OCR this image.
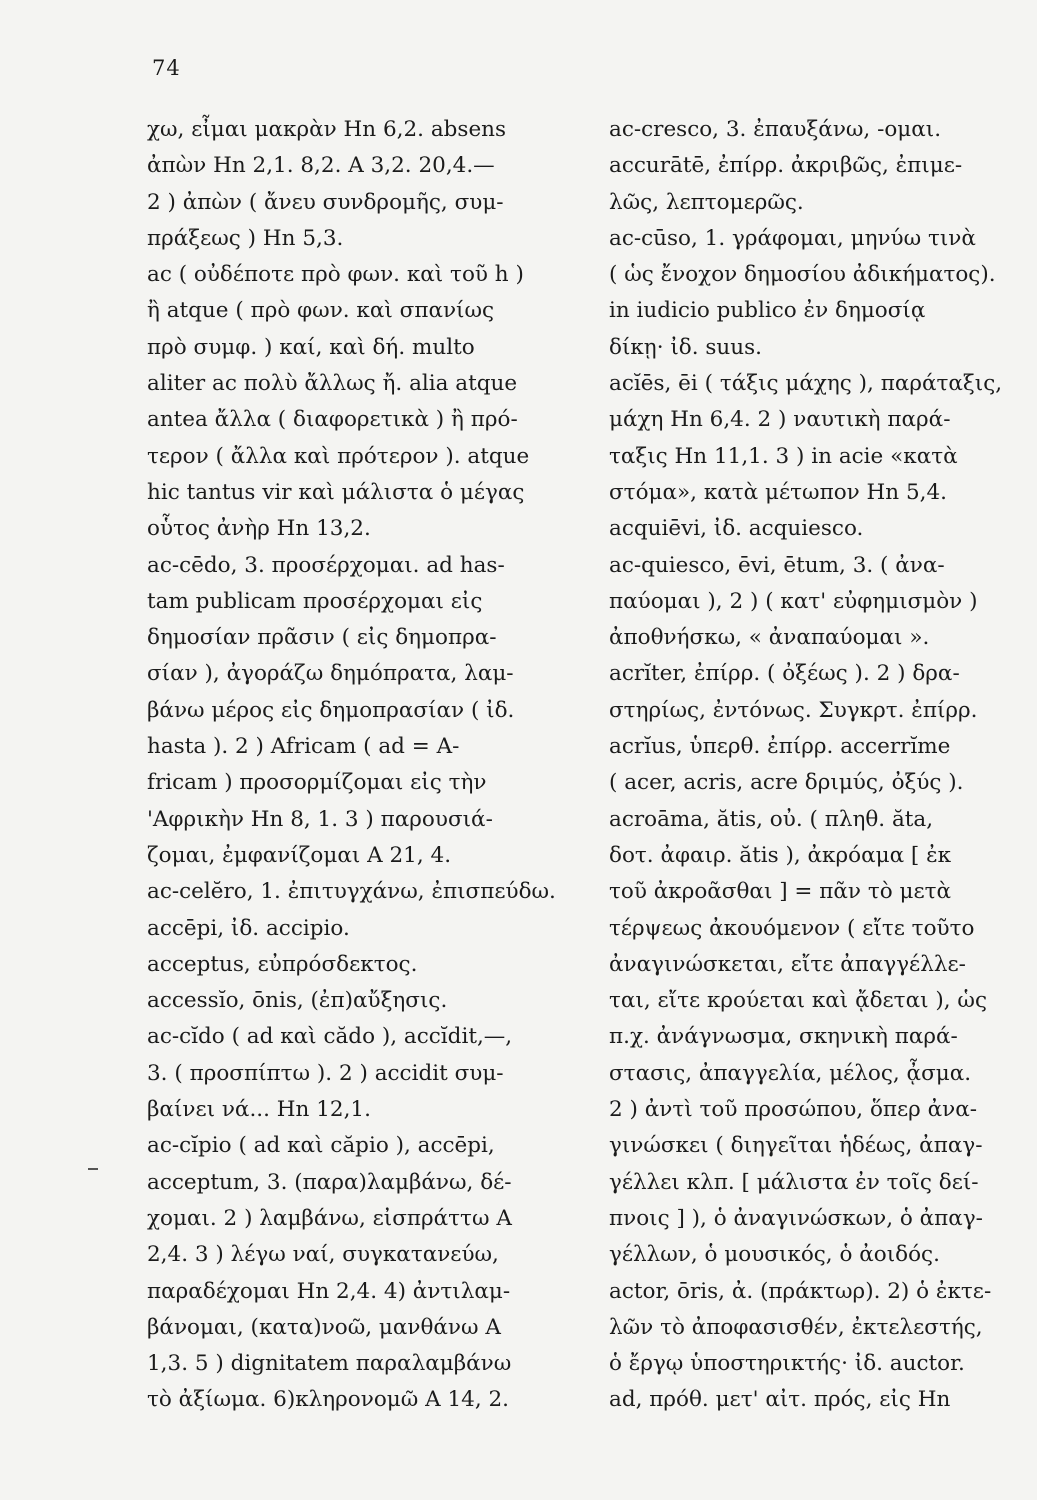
74
χω, εἶμαι μακρὰν Ηn 6,2. absens
ἀπὼν Ηn 2,1. 8,2. Α 3,2. 20,4.—
2 ) ἀπὼν ( ἄνευ συνδρομῆς, συμ-
πράξεως ) Ηn 5,3.
ac ( οὐδέποτε πρὸ φων. καὶ τοῦ h )
ἢ atque ( πρὸ φων. καὶ σπανίως
πρὸ συμφ. ) καί, καὶ δή. multo
aliter ac πολὺ ἄλλως ἤ. alia atque
antea ἄλλα ( διαφορετικὰ ) ἢ πρό-
τερον ( ἄλλα καὶ πρότερον ). atque
hic tantus vir καὶ μάλιστα ὁ μέγας
οὗτος ἀνὴρ Ηn 13,2.
ac-cēdo, 3. προσέρχομαι. ad has-
tam publicam προσέρχομαι εἰς
δημοσίαν πρᾶσιν ( εἰς δημοπρα-
σίαν ), ἀγοράζω δημόπρατα, λαμ-
βάνω μέρος εἰς δημοπρασίαν ( ἰδ.
hasta ). 2 ) Africam ( ad = A-
fricam ) προσορμίζομαι εἰς τὴν
'Αφρικὴν Ηn 8, 1. 3 ) παρουσιά-
ζομαι, ἐμφανίζομαι Α 21, 4.
ac-celĕro, 1. ἐπιτυγχάνω, ἐπισπεύδω.
accēpi, ἰδ. accipio.
acceptus, εὐπρόσδεκτος.
accessĭo, ōnis, (ἐπ)αὔξησις.
ac-cĭdo ( ad καὶ cădo ), accĭdit,—,
3. ( προσπίπτω ). 2 ) accidit συμ-
βαίνει νά... Ηn 12,1.
ac-cĭpio ( ad καὶ căpio ), accēpi,
acceptum, 3. (παρα)λαμβάνω, δέ-
χομαι. 2 ) λαμβάνω, εἰσπράττω Α
2,4. 3 ) λέγω ναί, συγκατανεύω,
παραδέχομαι Ηn 2,4. 4) ἀντιλαμ-
βάνομαι, (κατα)νοῶ, μανθάνω Α
1,3. 5 ) dignitatem παραλαμβάνω
τὸ ἀξίωμα. 6)κληρονομῶ Α 14, 2.
ac-cresco, 3. ἐπαυξάνω, -ομαι.
accurātē, ἐπίρρ. ἀκριβῶς, ἐπιμε-
λῶς, λεπτομερῶς.
ac-cūso, 1. γράφομαι, μηνύω τινὰ
( ὡς ἔνοχον δημοσίου ἀδικήματος).
in iudicio publico ἐν δημοσίᾳ
δίκῃ· ἰδ. suus.
acĭēs, ēi ( τάξις μάχης ), παράταξις,
μάχη Ηn 6,4. 2 ) ναυτικὴ παρά-
ταξις Ηn 11,1. 3 ) in acie «κατὰ
στόμα», κατὰ μέτωπον Ηn 5,4.
acquiēvi, ἰδ. acquiesco.
ac-quiesco, ēvi, ētum, 3. ( ἀνα-
παύομαι ), 2 ) ( κατ' εὐφημισμὸν )
ἀποθνήσκω, « ἀναπαύομαι ».
acrĭter, ἐπίρρ. ( ὀξέως ). 2 ) δρα-
στηρίως, ἐντόνως. Συγκρτ. ἐπίρρ.
acrĭus, ὑπερθ. ἐπίρρ. accerrĭme
( acer, acris, acre δριμύς, ὀξύς ).
acroāma, ătis, οὐ. ( πληθ. ăta,
δοτ. ἀφαιρ. ătis ), ἀκρόαμα [ ἐκ
τοῦ ἀκροᾶσθαι ] = πᾶν τὸ μετὰ
τέρψεως ἀκουόμενον ( εἴτε τοῦτο
ἀναγινώσκεται, εἴτε ἀπαγγέλλε-
ται, εἴτε κρούεται καὶ ᾄδεται ), ὡς
π.χ. ἀνάγνωσμα, σκηνικὴ παρά-
στασις, ἀπαγγελία, μέλος, ᾆσμα.
2 ) ἀντὶ τοῦ προσώπου, ὅπερ ἀνα-
γινώσκει ( διηγεῖται ἡδέως, ἀπαγ-
γέλλει κλπ. [ μάλιστα ἐν τοῖς δεί-
πνοις ] ), ὁ ἀναγινώσκων, ὁ ἀπαγ-
γέλλων, ὁ μουσικός, ὁ ἀοιδός.
actor, ōris, ἀ. (πράκτωρ). 2) ὁ ἐκτε-
λῶν τὸ ἀποφασισθέν, ἐκτελεστής,
ὁ ἔργῳ ὑποστηρικτής· ἰδ. auctor.
ad, πρόθ. μετ' αἰτ. πρός, εἰς Ηn
